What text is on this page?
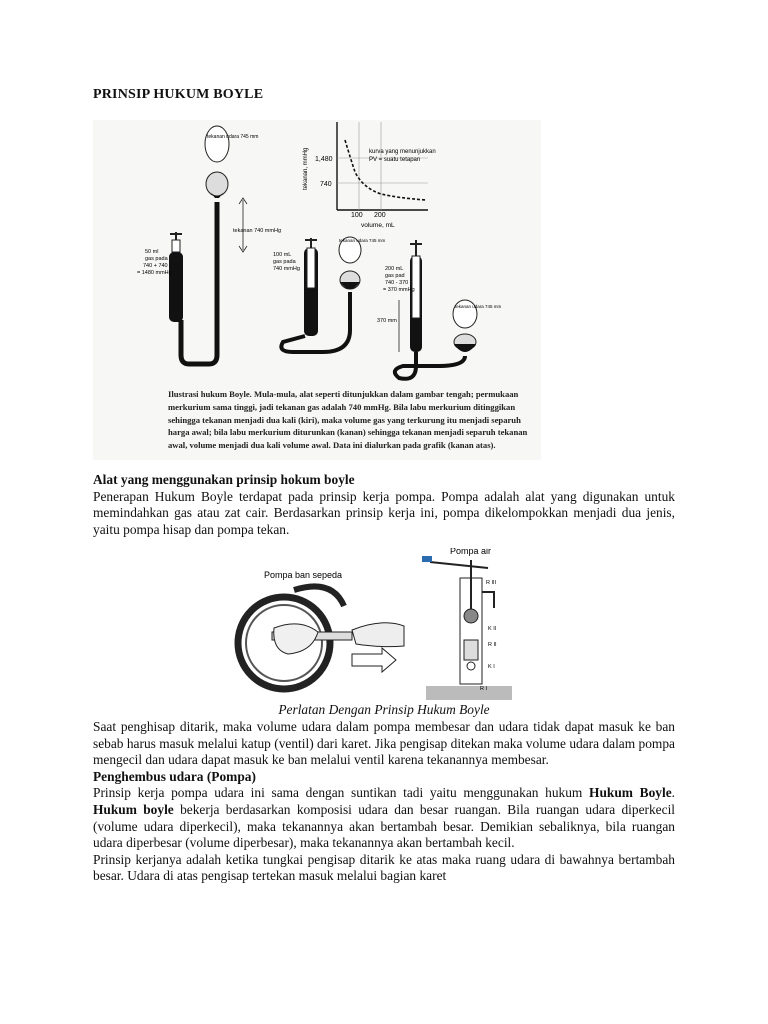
PRINSIP HUKUM BOYLE
1,480
740
100 200
volume, mL
tekanan, mmHg	kurva yang menunjukkan
PV = suatu tetapan
tekanan udara 745 mm
tekanan 740 mmHg
50 ml
gas pada
740 + 740
= 1480 mmHg
100 mL
gas pada
740 mmHg
tekanan udara 745 mm
370 mm
200 mL
gas pad
740 - 370
= 370 mmHg
tekanan udara 745 mm
Ilustrasi hukum Boyle. Mula-mula, alat seperti ditunjukkan dalam gambar tengah; permukaan merkurium sama tinggi, jadi tekanan gas adalah 740 mmHg. Bila labu merkurium ditinggikan sehingga tekanan menjadi dua kali (kiri), maka volume gas yang terkurung itu menjadi separuh harga awal; bila labu merkurium diturunkan (kanan) sehingga tekanan menjadi separuh tekanan awal, volume menjadi dua kali volume awal. Data ini dialurkan pada grafik (kanan atas).

Alat yang menggunakan prinsip hokum boyle

Penerapan Hukum Boyle terdapat pada prinsip kerja pompa. Pompa adalah alat yang digunakan untuk memindahkan gas atau zat cair. Berdasarkan prinsip kerja ini, pompa dikelompokkan menjadi dua jenis, yaitu pompa hisap dan pompa tekan.

Pompa ban sepeda
Pompa air
R III
K II
R II
K I
R I
Perlatan Dengan Prinsip Hukum Boyle

Saat penghisap ditarik, maka volume udara dalam pompa membesar dan udara tidak dapat masuk ke ban sebab harus masuk melalui katup (ventil) dari karet. Jika pengisap ditekan maka volume udara dalam pompa mengecil dan udara dapat masuk ke ban melalui ventil karena tekanannya membesar.

Penghembus udara (Pompa)

Prinsip kerja pompa udara ini sama dengan suntikan tadi yaitu menggunakan hukum Hukum Boyle. Hukum boyle bekerja berdasarkan komposisi udara dan besar ruangan. Bila ruangan udara diperkecil (volume udara diperkecil), maka tekanannya akan bertambah besar. Demikian sebaliknya, bila ruangan udara diperbesar (volume diperbesar), maka tekanannya akan bertambah kecil.

Prinsip kerjanya adalah ketika tungkai pengisap ditarik ke atas maka ruang udara di bawahnya bertambah besar. Udara di atas pengisap tertekan masuk melalui bagian karet
